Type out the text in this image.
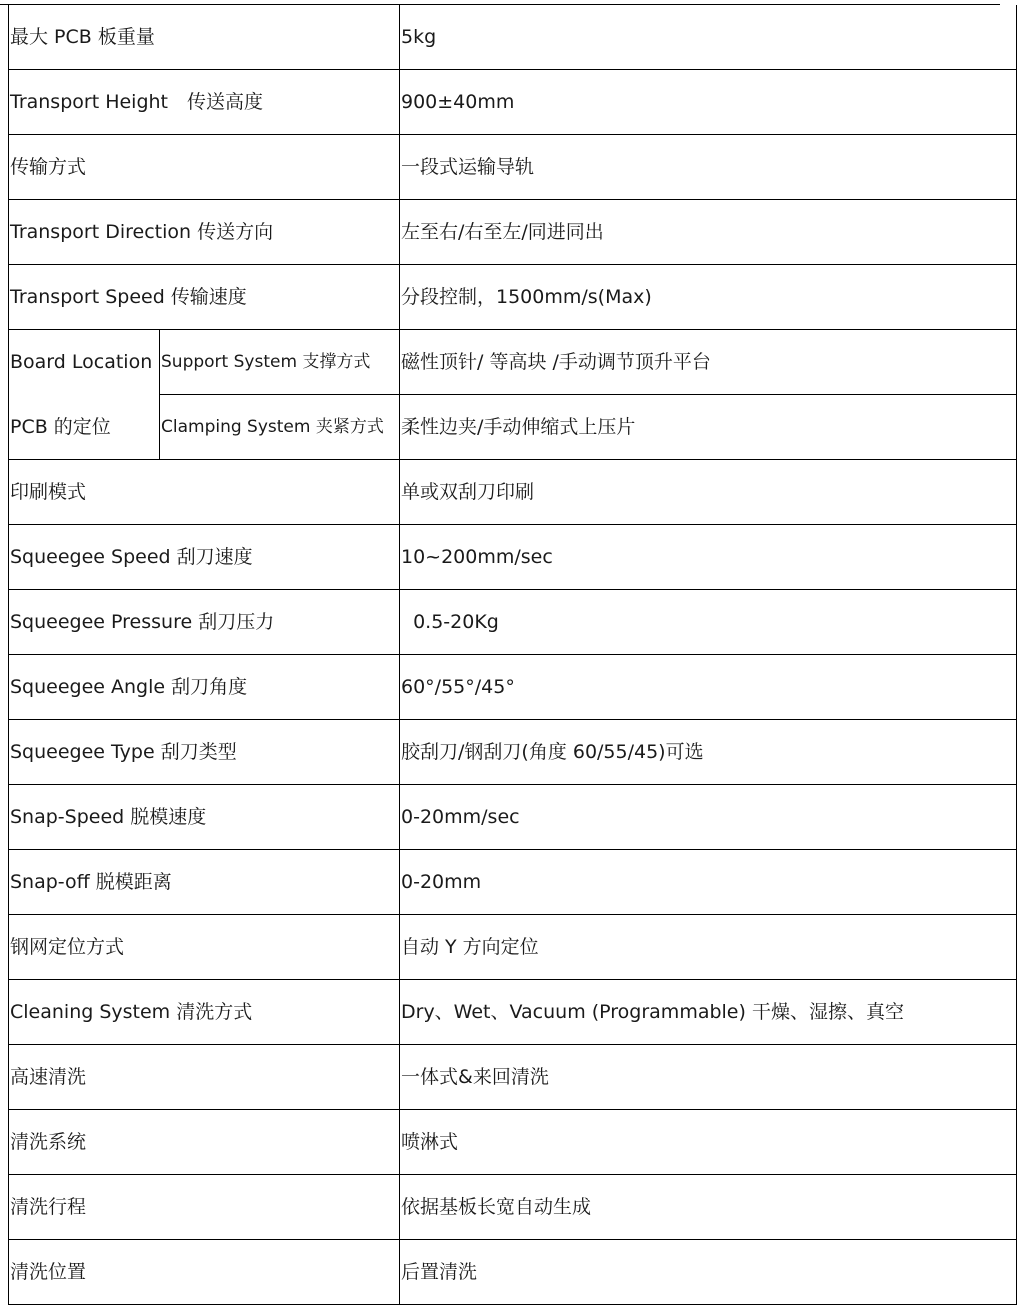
最大 PCB 板重量		5kg
Transport Height　传送高度		900±40mm
传输方式		一段式运输导轨
Transport Direction 传送方向		左至右/右至左/同进同出
Transport Speed 传输速度		分段控制，1500mm/s(Max)
Board Location	Support System 支撑方式	磁性顶针/ 等高块 /手动调节顶升平台
PCB 的定位	Clamping System 夹紧方式	柔性边夹/手动伸缩式上压片
印刷模式		单或双刮刀印刷
Squeegee Speed 刮刀速度		10~200mm/sec
Squeegee Pressure 刮刀压力		0.5-20Kg
Squeegee Angle 刮刀角度		60°/55°/45°
Squeegee Type 刮刀类型		胶刮刀/钢刮刀(角度 60/55/45)可选
Snap-Speed 脱模速度		0-20mm/sec
Snap-off 脱模距离		0-20mm
钢网定位方式		自动 Y 方向定位
Cleaning System 清洗方式		Dry、Wet、Vacuum (Programmable) 干燥、湿擦、真空
高速清洗		一体式&来回清洗
清洗系统		喷淋式
清洗行程		依据基板长宽自动生成
清洗位置		后置清洗
